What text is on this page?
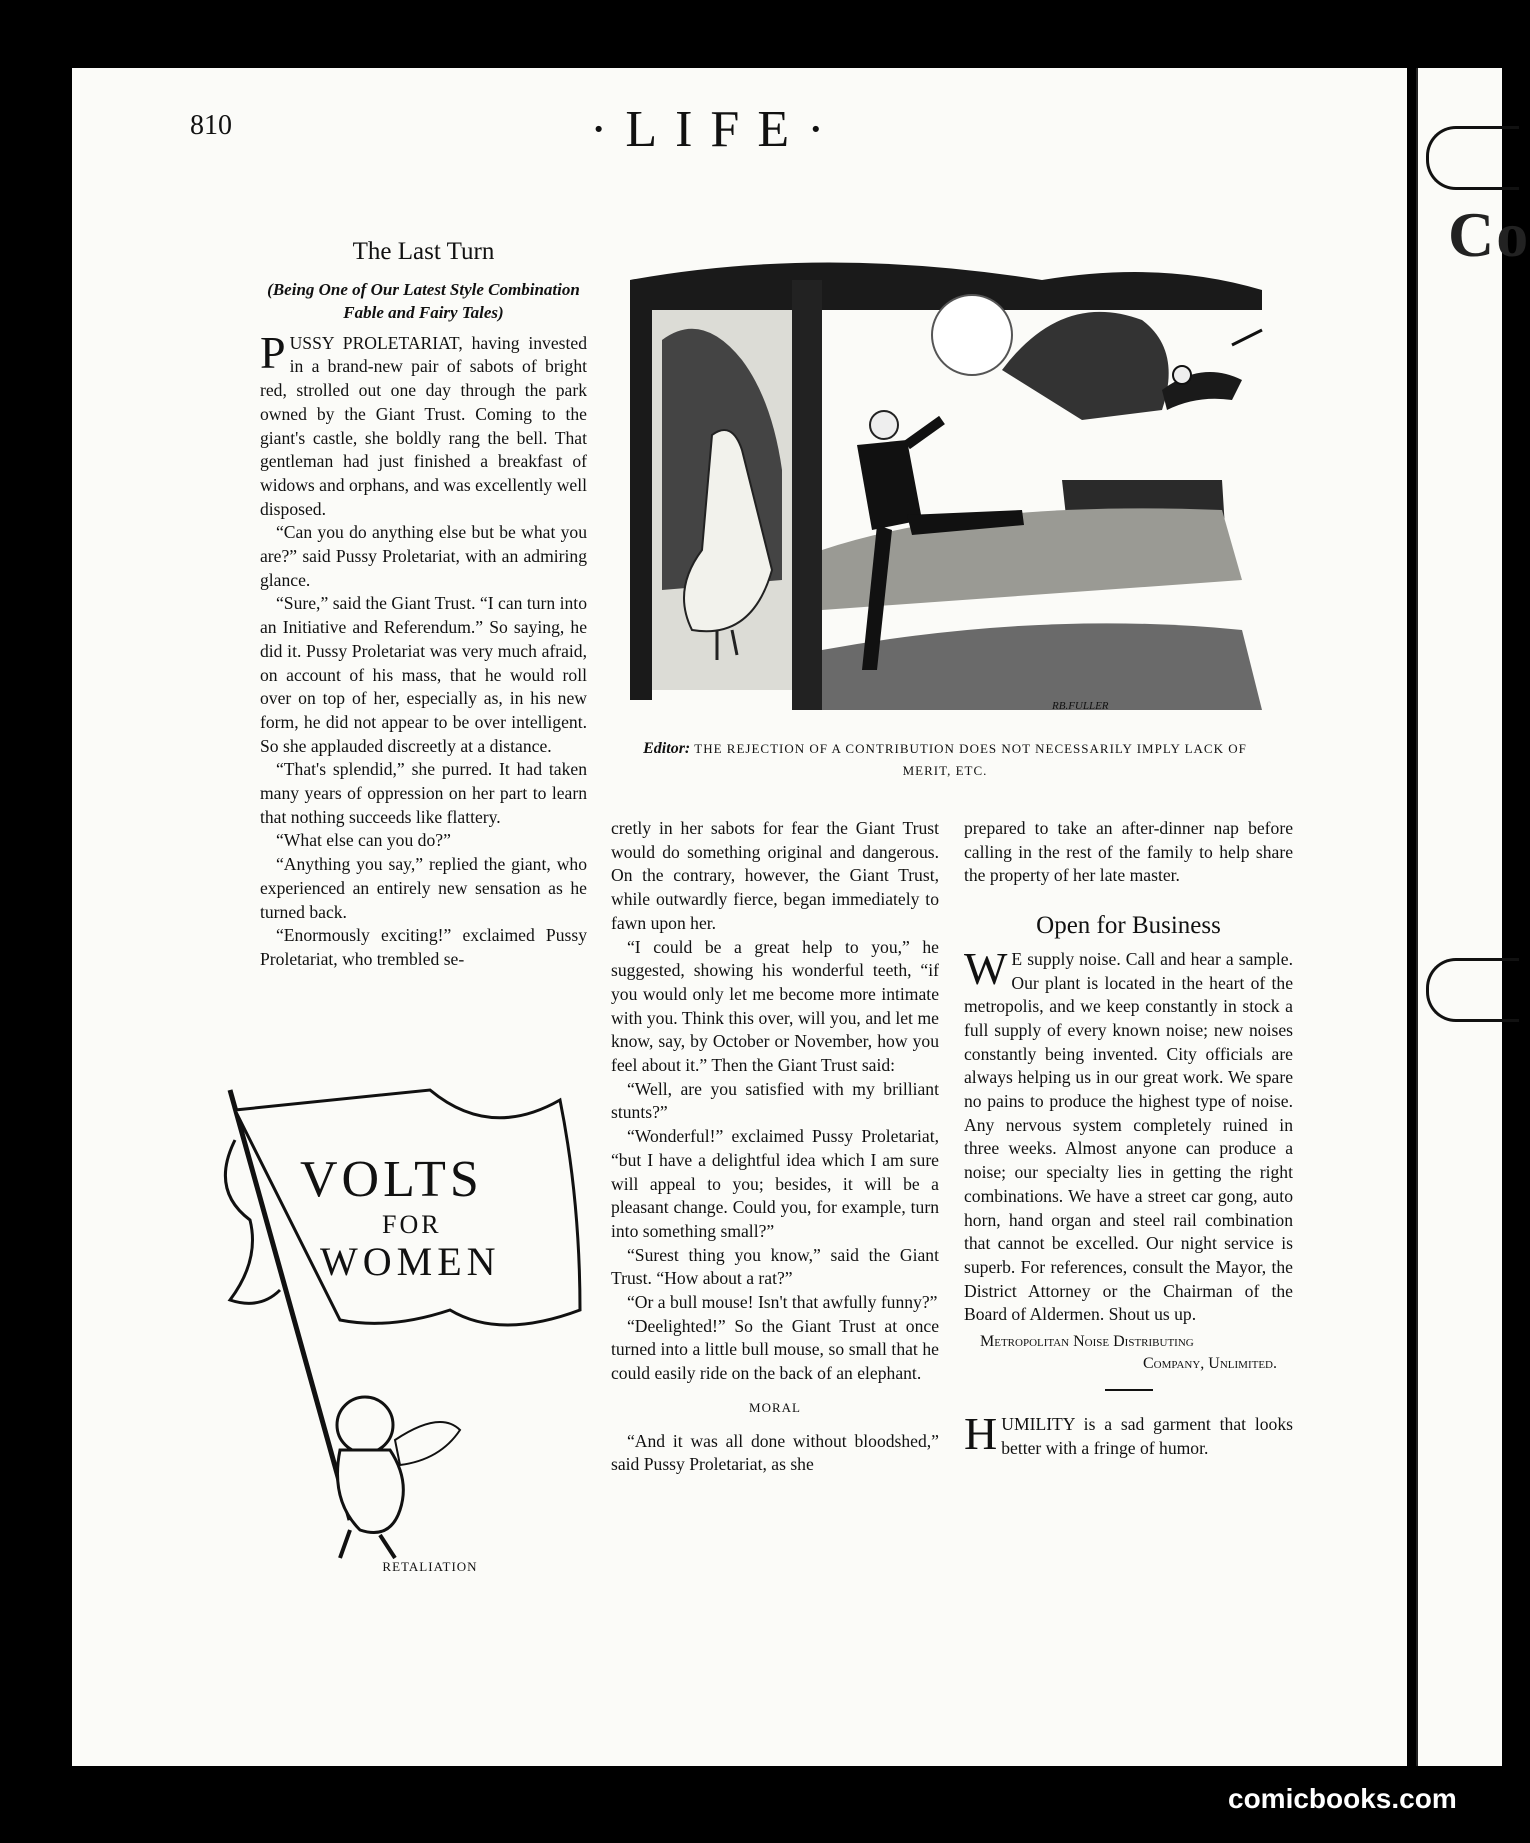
Co
810	·LIFE·
The Last Turn
(Being One of Our Latest Style Combination Fable and Fairy Tales)

PUSSY PROLETARIAT, having invested in a brand-new pair of sabots of bright red, strolled out one day through the park owned by the Giant Trust. Coming to the giant's castle, she boldly rang the bell. That gentleman had just finished a breakfast of widows and orphans, and was excellently well disposed.

“Can you do anything else but be what you are?” said Pussy Proletariat, with an admiring glance.

“Sure,” said the Giant Trust. “I can turn into an Initiative and Referendum.” So saying, he did it. Pussy Proletariat was very much afraid, on account of his mass, that he would roll over on top of her, especially as, in his new form, he did not appear to be over intelligent. So she applauded discreetly at a distance.

“That's splendid,” she purred. It had taken many years of oppression on her part to learn that nothing succeeds like flattery.

“What else can you do?”

“Anything you say,” replied the giant, who experienced an entirely new sensation as he turned back.

“Enormously exciting!” exclaimed Pussy Proletariat, who trembled se-

RB.FULLER
Editor: THE REJECTION OF A CONTRIBUTION DOES NOT NECESSARILY IMPLY LACK OF MERIT, ETC.
VOLTS
FOR
WOMEN
RETALIATION

cretly in her sabots for fear the Giant Trust would do something original and dangerous. On the contrary, however, the Giant Trust, while outwardly fierce, began immediately to fawn upon her.

“I could be a great help to you,” he suggested, showing his wonderful teeth, “if you would only let me become more intimate with you. Think this over, will you, and let me know, say, by October or November, how you feel about it.” Then the Giant Trust said:

“Well, are you satisfied with my brilliant stunts?”

“Wonderful!” exclaimed Pussy Proletariat, “but I have a delightful idea which I am sure will appeal to you; besides, it will be a pleasant change. Could you, for example, turn into something small?”

“Surest thing you know,” said the Giant Trust. “How about a rat?”

“Or a bull mouse! Isn't that awfully funny?”

“Deelighted!” So the Giant Trust at once turned into a little bull mouse, so small that he could easily ride on the back of an elephant.

MORAL

“And it was all done without bloodshed,” said Pussy Proletariat, as she

prepared to take an after-dinner nap before calling in the rest of the family to help share the property of her late master.

Open for Business

W E supply noise. Call and hear a sample. Our plant is located in the heart of the metropolis, and we keep constantly in stock a full supply of every known noise; new noises constantly being invented. City officials are always helping us in our great work. We spare no pains to produce the highest type of noise. Any nervous system completely ruined in three weeks. Almost anyone can produce a noise; our specialty lies in getting the right combinations. We have a street car gong, auto horn, hand organ and steel rail combination that cannot be excelled. Our night service is superb. For references, consult the Mayor, the District Attorney or the Chairman of the Board of Aldermen. Shout us up.

Metropolitan Noise Distributing
Company, Unlimited.

HUMILITY is a sad garment that looks better with a fringe of humor.

comicbooks.com
